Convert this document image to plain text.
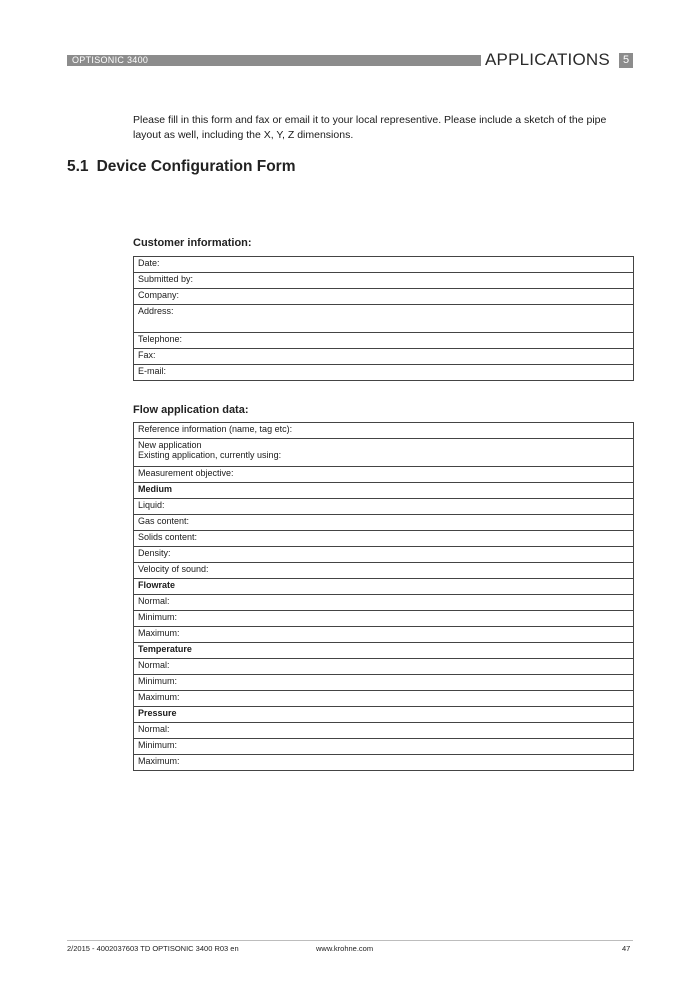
OPTISONIC 3400	APPLICATIONS	5
Please fill in this form and fax or email it to your local representive. Please include a sketch of the pipe layout as well, including the X, Y, Z dimensions.
5.1 Device Configuration Form
Customer information:
Date:

Submitted by:

Company:

Address:

Telephone:

Fax:

E-mail:
Flow application data:
Reference information (name, tag etc):

New application
Existing application, currently using:

Measurement objective:

Medium

Liquid:

Gas content:

Solids content:

Density:

Velocity of sound:

Flowrate

Normal:

Minimum:

Maximum:

Temperature

Normal:

Minimum:

Maximum:

Pressure

Normal:

Minimum:

Maximum:
2/2015 - 4002037603 TD OPTISONIC 3400 R03 en	www.krohne.com	47
